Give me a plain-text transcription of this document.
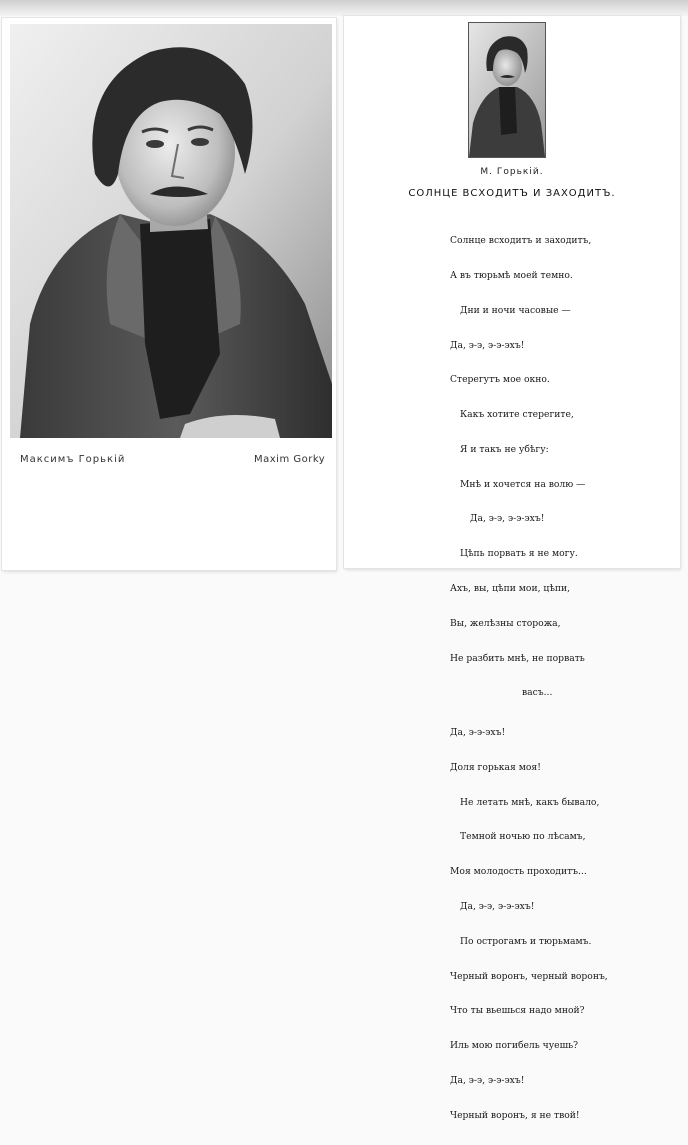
Максимъ Горькій	Maxim Gorky
М. Горькій.
СОЛНЦЕ ВСХОДИТЪ И ЗАХОДИТЪ.

Солнце всходитъ и заходитъ,

А въ тюрьмѣ моей темно.

Дни и ночи часовые —

Да, э-э, э-э-эхъ!

Стерегутъ мое окно.

Какъ хотите стерегите,

Я и такъ не убѣгу:

Мнѣ и хочется на волю —

Да, э-э, э-э-эхъ!

Цѣпь порвать я не могу.

Ахъ, вы, цѣпи мои, цѣпи,

Вы, желѣзны сторожа,

Не разбить мнѣ, не порвать

васъ...

Да, э-э-эхъ!

Доля горькая моя!

Не летать мнѣ, какъ бывало,

Темной ночью по лѣсамъ,

Моя молодость проходитъ...

Да, э-э, э-э-эхъ!

По острогамъ и тюрьмамъ.

Черный воронъ, черный воронъ,

Что ты вьешься надо мной?

Иль мою погибель чуешь?

Да, э-э, э-э-эхъ!

Черный воронъ, я не твой!
